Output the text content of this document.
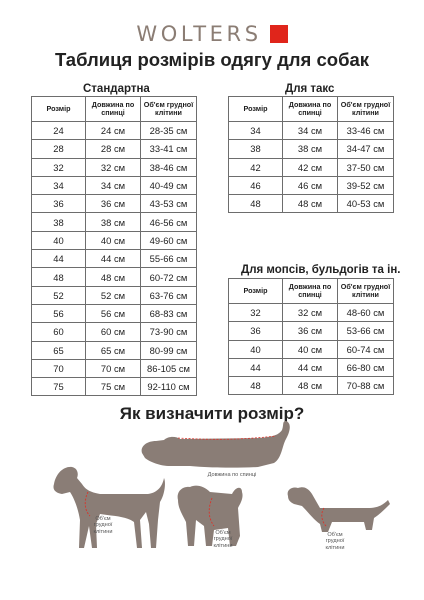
WOLTERS
Таблиця розмірів одягу для собак
Стандартна
Розмір	Довжина по спинці	Об'єм грудної клітини
24	24 см	28-35 см
28	28 см	33-41 см
32	32 см	38-46 см
34	34 см	40-49 см
36	36 см	43-53 см
38	38 см	46-56 см
40	40 см	49-60 см
44	44 см	55-66 см
48	48 см	60-72 см
52	52 см	63-76 см
56	56 см	68-83 см
60	60 см	73-90 см
65	65 см	80-99 см
70	70 см	86-105 см
75	75 см	92-110 см
Для такс
Розмір	Довжина по спинці	Об'єм грудної клітини
34	34 см	33-46 см
38	38 см	34-47 см
42	42 см	37-50 см
46	46 см	39-52 см
48	48 см	40-53 см
Для мопсів, бульдогів та ін.
Розмір	Довжина по спинці	Об'єм грудної клітини
32	32 см	48-60 см
36	36 см	53-66 см
40	40 см	60-74 см
44	44 см	66-80 см
48	48 см	70-88 см
Як визначити розмір?
Довжина по спинці
Об'єм грудної клітини	Об'єм грудної клітини
Об'єм грудної клітини
